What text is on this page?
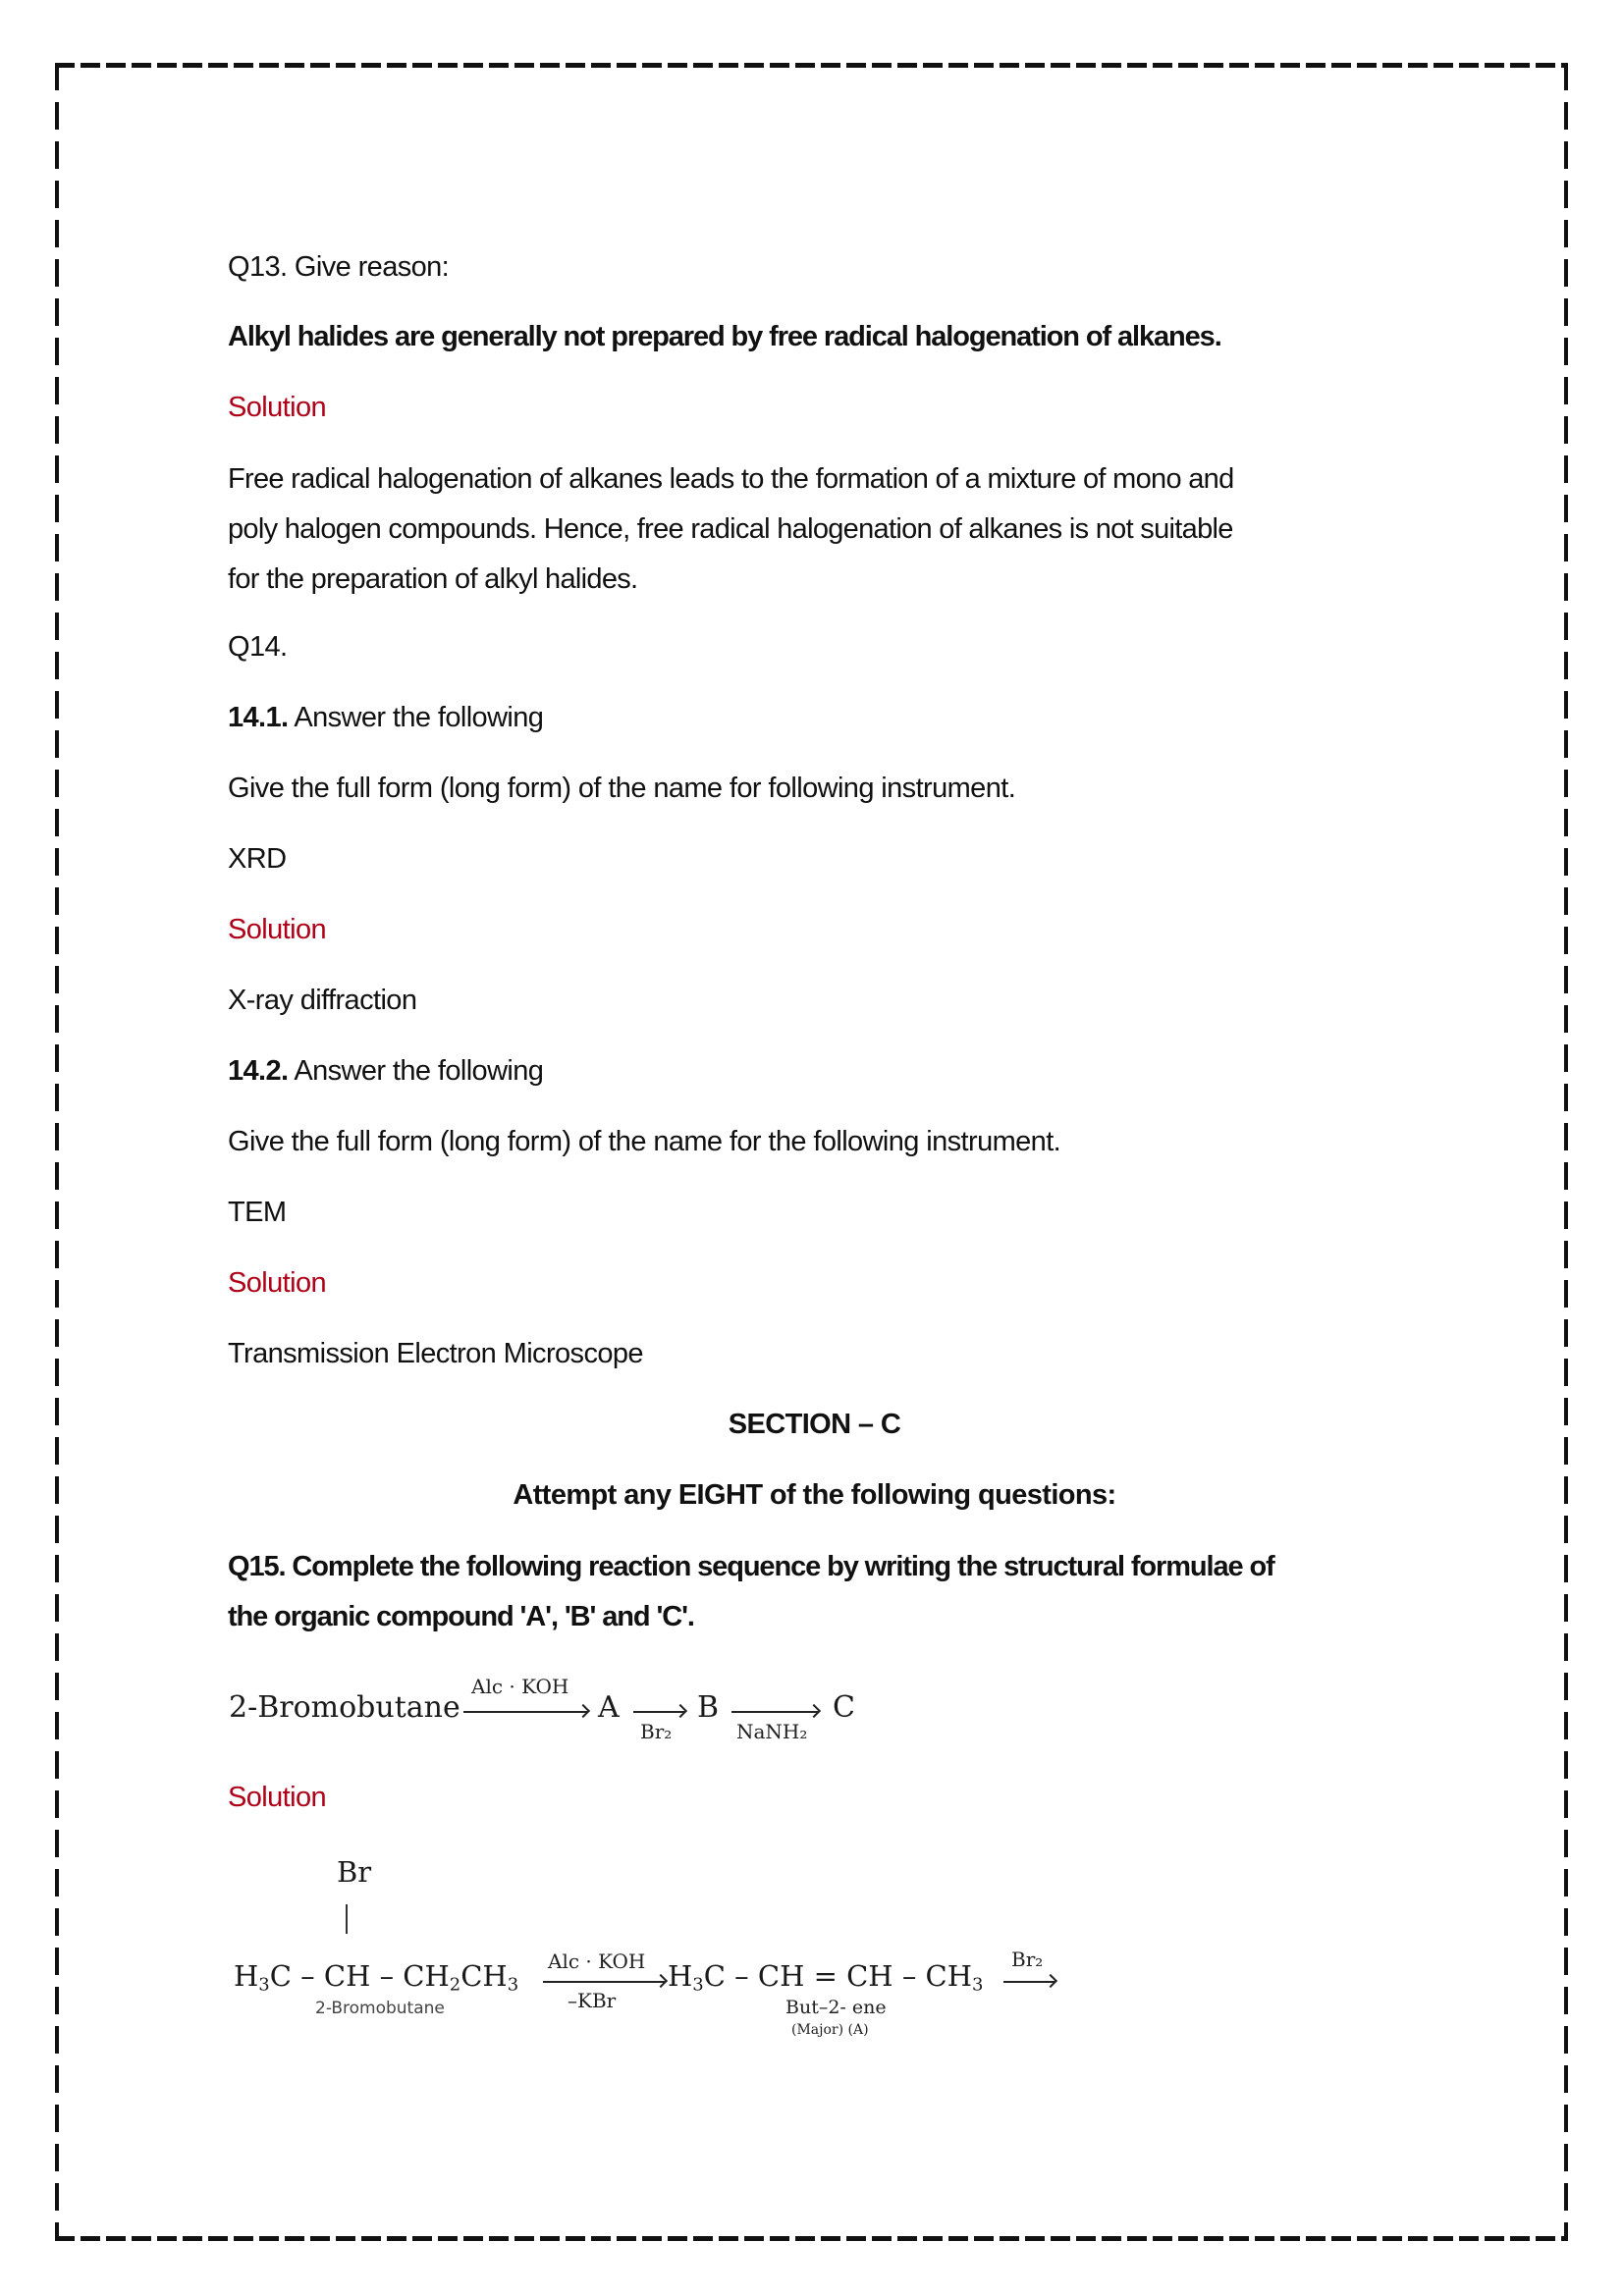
Q13. Give reason:
Alkyl halides are generally not prepared by free radical halogenation of alkanes.
Solution
Free radical halogenation of alkanes leads to the formation of a mixture of mono and
poly halogen compounds. Hence, free radical halogenation of alkanes is not suitable
for the preparation of alkyl halides.
Q14.
14.1. Answer the following
Give the full form (long form) of the name for following instrument.
XRD
Solution
X-ray diffraction
14.2. Answer the following
Give the full form (long form) of the name for the following instrument.
TEM
Solution
Transmission Electron Microscope
SECTION – C
Attempt any EIGHT of the following questions:
Q15. Complete the following reaction sequence by writing the structural formulae of
the organic compound 'A', 'B' and 'C'.
2-Bromobutane
Alc · KOH
A
Br₂
B
NaNH₂
C
Solution
Br
$H_3C$ – CH – $CH_2CH_3$
2-Bromobutane
Alc · KOH
–KBr
$H_3C$ – CH = CH – $CH_3$
But–2- ene
(Major) (A)
Br₂
